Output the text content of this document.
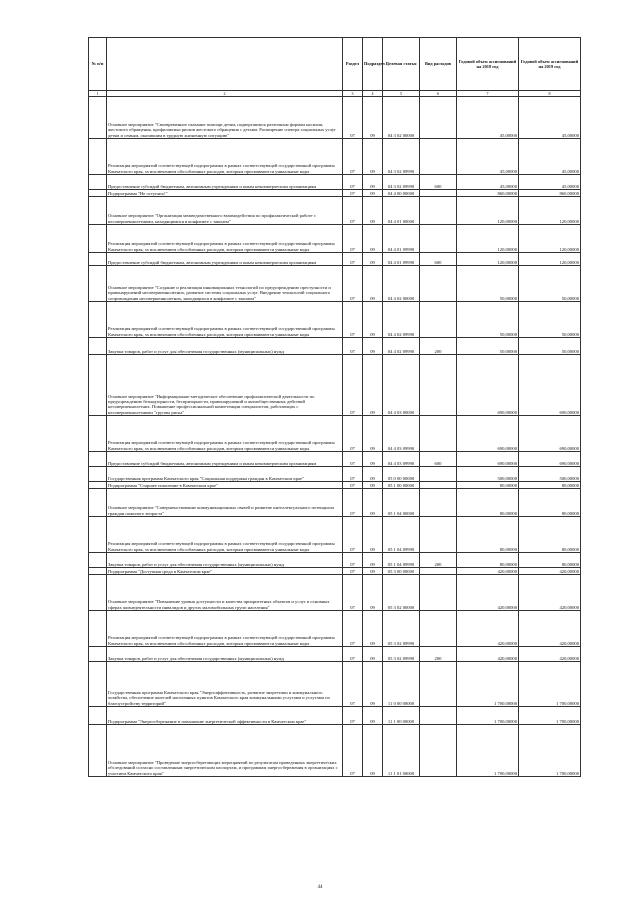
№ п/п		Раздел	Подраздел	Целевая статья	Вид расходов	Годовой объем ассигнований на 2018 год	Годовой объем ассигнований на 2019 год
1	2	3	4	5	6	7	8
	Основное мероприятие "Своевременное оказание помощи детям, подвергшимся различным формам насилия, жестокого обращения, профилактика рисков жестокого обращения с детьми. Расширение спектра социальных услуг детям и семьям, оказавшим в трудную жизненную ситуацию"	07	09	04 3 02 00000		45,00000	45,00000
	Реализация мероприятий соответствующей подпрограммы в рамках соответствующей государственной программы Камчатского края, за исключением обособленных расходов, которым присваиваются уникальные коды	07	09	04 3 02 09990		45,00000	45,00000
	Предоставление субсидий бюджетным, автономным учреждениям и иным некоммерческим организациям	07	09	04 3 02 09990	600	45,00000	45,00000
	Подпрограмма "Не оступись!"	07	09	04 4 00 00000		860,00000	860,00000
	Основное мероприятие "Организация межведомственного взаимодействия по профилактической работе с несовершеннолетними, находящимися в конфликте с законом"	07	09	04 4 01 00000		120,00000	120,00000
	Реализация мероприятий соответствующей подпрограммы в рамках соответствующей государственной программы Камчатского края, за исключением обособленных расходов, которым присваиваются уникальные коды	07	09	04 4 01 09990		120,00000	120,00000
	Предоставление субсидий бюджетным, автономным учреждениям и иным некоммерческим организациям	07	09	04 4 01 09990	600	120,00000	120,00000
	Основное мероприятие "Создание и реализация инновационных технологий по предупреждению преступности и правонарушений несовершеннолетних, развитие системы социальных услуг. Внедрение технологий социального сопровождения несовершеннолетних, находящихся в конфликте с законом"	07	09	04 4 02 00000		50,00000	50,00000
	Реализация мероприятий соответствующей подпрограммы в рамках соответствующей государственной программы Камчатского края, за исключением обособленных расходов, которым присваиваются уникальные коды	07	09	04 4 02 09990		50,00000	50,00000
	Закупка товаров, работ и услуг для обеспечения государственных (муниципальных) нужд	07	09	04 4 02 09990	200	50,00000	50,00000
	Основное мероприятие "Информационно-методическое обеспечение профилактической деятельности по предупреждению безнадзорности, беспризорности, правонарушений и антиобщественных действий несовершеннолетних. Повышение профессиональной компетенции специалистов, работающих с несовершеннолетними "группы риска"	07	09	04 4 03 00000		690,00000	690,00000
	Реализация мероприятий соответствующей подпрограммы в рамках соответствующей государственной программы Камчатского края, за исключением обособленных расходов, которым присваиваются уникальные коды	07	09	04 4 03 09990		690,00000	690,00000
	Предоставление субсидий бюджетным, автономным учреждениям и иным некоммерческим организациям	07	09	04 4 03 09990	600	690,00000	690,00000
	Государственная программа Камчатского края "Социальная поддержка граждан в Камчатском крае"	07	09	05 0 00 00000		500,00000	500,00000
	Подпрограмма "Старшее поколение в Камчатском крае"	07	09	05 1 00 00000		80,00000	80,00000
	Основное мероприятие "Совершенствование коммуникационных связей и развитие интеллектуального потенциала граждан пожилого возраста"	07	09	05 1 04 00000		80,00000	80,00000
	Реализация мероприятий соответствующей подпрограммы в рамках соответствующей государственной программы Камчатского края, за исключением обособленных расходов, которым присваиваются уникальные коды	07	09	05 1 04 09990		80,00000	80,00000
	Закупка товаров, работ и услуг для обеспечения государственных (муниципальных) нужд	07	09	05 1 04 09990	200	80,00000	80,00000
	Подпрограмма "Доступная среда в Камчатском крае"	07	09	05 3 00 00000		420,00000	420,00000
	Основное мероприятие "Повышение уровня доступности и качества приоритетных объектов и услуг в основных сферах жизнедеятельности инвалидов и других маломобильных групп населения"	07	09	05 3 02 00000		420,00000	420,00000
	Реализация мероприятий соответствующей подпрограммы в рамках соответствующей государственной программы Камчатского края, за исключением обособленных расходов, которым присваиваются уникальные коды	07	09	05 3 02 09990		420,00000	420,00000
	Закупка товаров, работ и услуг для обеспечения государственных (муниципальных) нужд	07	09	05 3 02 09990	200	420,00000	420,00000
	Государственная программа Камчатского края "Энергоэффективность, развитие энергетики и коммунального хозяйства, обеспечение жителей населенных пунктов Камчатского края коммунальными услугами и услугами по благоустройству территорий"	07	09	11 0 00 00000		1 700,00000	1 700,00000
	Подпрограмма "Энергосбережение и повышение энергетической эффективности в Камчатском крае"	07	09	11 1 00 00000		1 700,00000	1 700,00000
	Основное мероприятие "Проведение энергосберегающих мероприятий по результатам проведенных энергетических обследований согласно составленным энергетическим паспортам, и программам энергосбережения в организациях с участием Камчатского края"	07	09	11 1 01 00000		1 700,00000	1 700,00000
44
